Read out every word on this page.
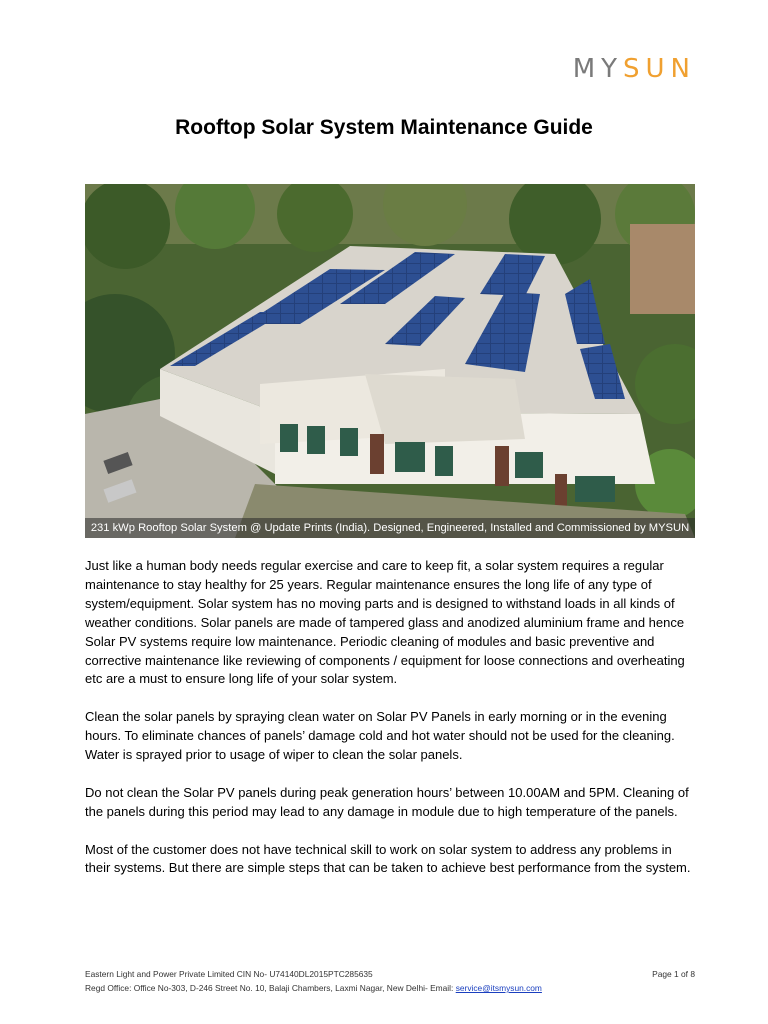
MYSUN
Rooftop Solar System Maintenance Guide
231 kWp Rooftop Solar System @ Update Prints (India). Designed, Engineered, Installed and Commissioned by MYSUN

Just like a human body needs regular exercise and care to keep fit, a solar system requires a regular maintenance to stay healthy for 25 years. Regular maintenance ensures the long life of any type of system/equipment. Solar system has no moving parts and is designed to withstand loads in all kinds of weather conditions. Solar panels are made of tampered glass and anodized aluminium frame and hence Solar PV systems require low maintenance. Periodic cleaning of modules and basic preventive and corrective maintenance like reviewing of components / equipment for loose connections and overheating etc are a must to ensure long life of your solar system.

Clean the solar panels by spraying clean water on Solar PV Panels in early morning or in the evening hours. To eliminate chances of panels’ damage cold and hot water should not be used for the cleaning. Water is sprayed prior to usage of wiper to clean the solar panels.

Do not clean the Solar PV panels during peak generation hours’ between 10.00AM and 5PM. Cleaning of the panels during this period may lead to any damage in module due to high temperature of the panels.

Most of the customer does not have technical skill to work on solar system to address any problems in their systems. But there are simple steps that can be taken to achieve best performance from the system.

Eastern Light and Power Private Limited CIN No- U74140DL2015PTC285635	Page 1 of 8
Regd Office: Office No-303, D-246 Street No. 10, Balaji Chambers, Laxmi Nagar, New Delhi- Email: service@itsmysun.com
